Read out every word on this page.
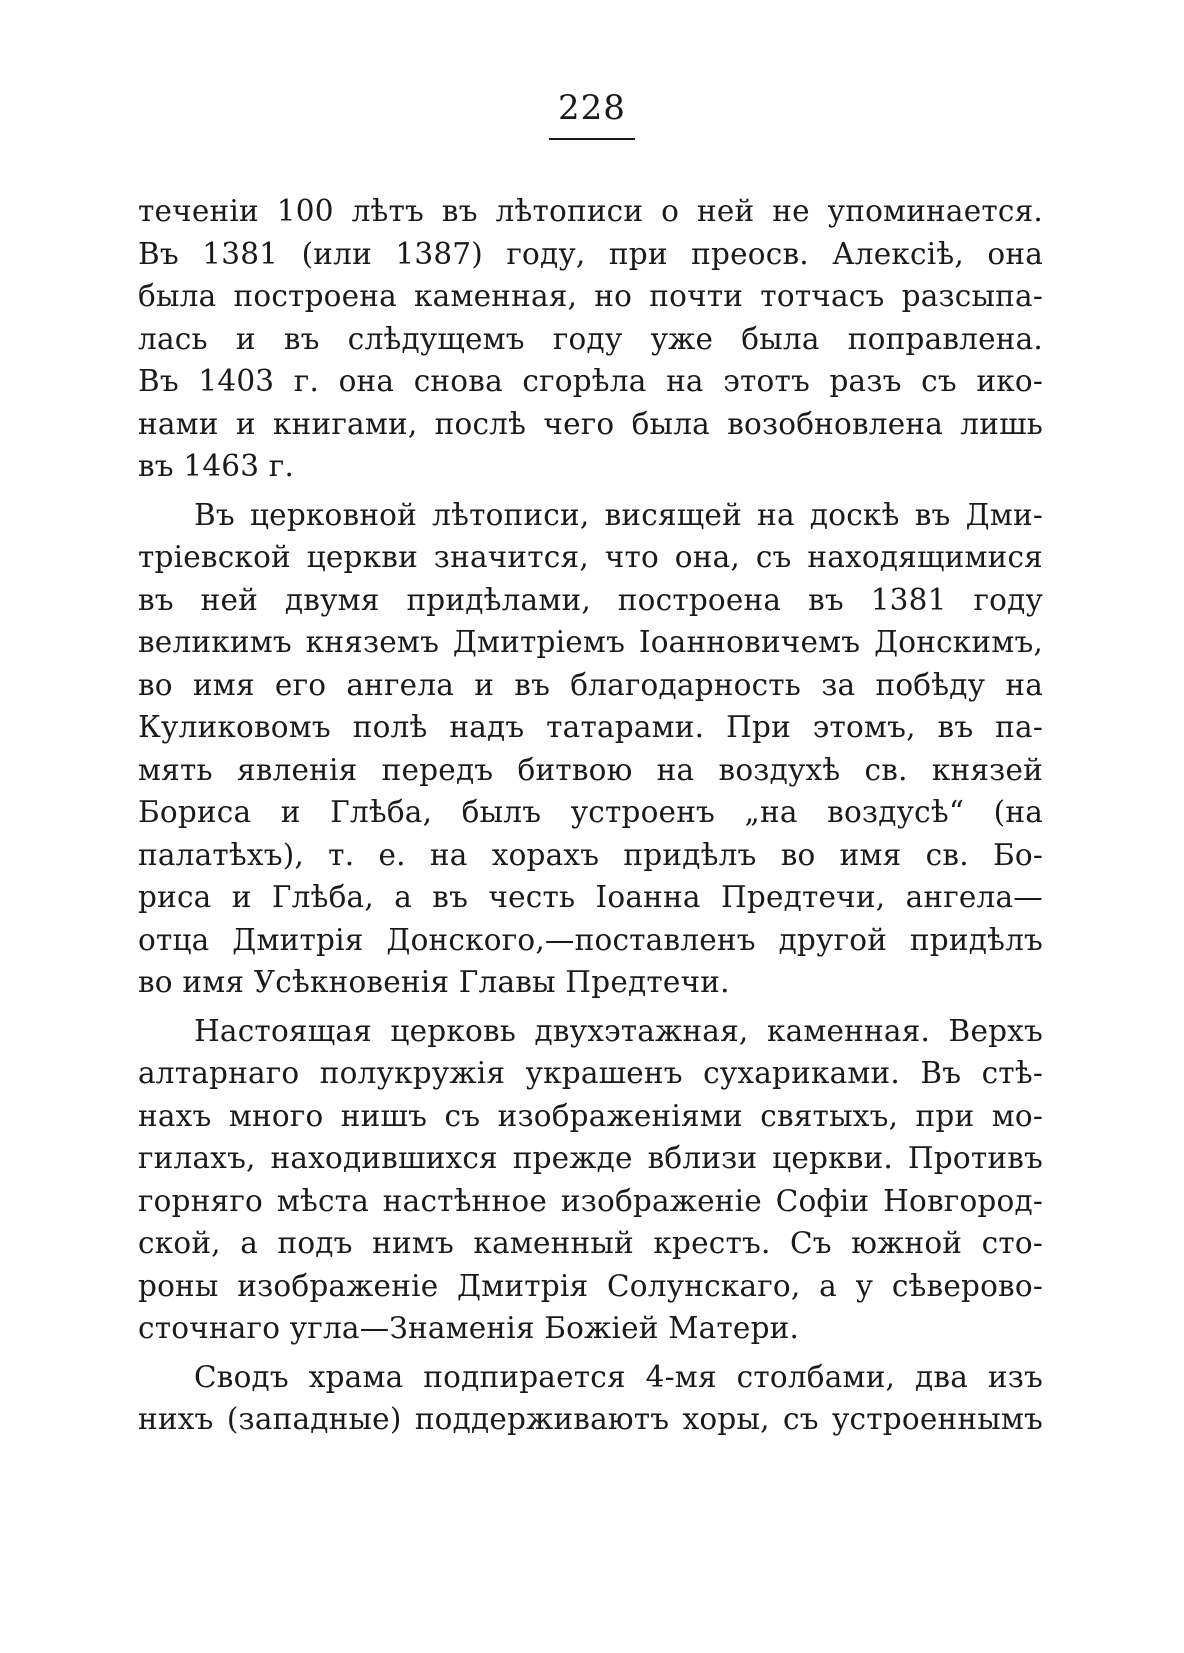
228

теченіи 100 лѣтъ въ лѣтописи о ней не упоминается.
Въ 1381 (или 1387) году, при преосв. Алексіѣ, она
была построена каменная, но почти тотчасъ разсыпа-
лась и въ слѣдущемъ году уже была поправлена.
Въ 1403 г. она снова сгорѣла на этотъ разъ съ ико-
нами и книгами, послѣ чего была возобновлена лишь
въ 1463 г.

Въ церковной лѣтописи, висящей на доскѣ въ Дми-
тріевской церкви значится, что она, съ находящимися
въ ней двумя придѣлами, построена въ 1381 году
великимъ княземъ Дмитріемъ Іоанновичемъ Донскимъ,
во имя его ангела и въ благодарность за побѣду на
Куликовомъ полѣ надъ татарами. При этомъ, въ па-
мять явленія передъ битвою на воздухѣ св. князей
Бориса и Глѣба, былъ устроенъ „на воздусѣ“ (на
палатѣхъ), т. е. на хорахъ придѣлъ во имя св. Бо-
риса и Глѣба, а въ честь Іоанна Предтечи, ангела—
отца Дмитрія Донского,—поставленъ другой придѣлъ
во имя Усѣкновенія Главы Предтечи.

Настоящая церковь двухэтажная, каменная. Верхъ
алтарнаго полукружія украшенъ сухариками. Въ стѣ-
нахъ много нишъ съ изображеніями святыхъ, при мо-
гилахъ, находившихся прежде вблизи церкви. Противъ
горняго мѣста настѣнное изображеніе Софіи Новгород-
ской, а подъ нимъ каменный крестъ. Съ южной сто-
роны изображеніе Дмитрія Солунскаго, а у сѣверово-
сточнаго угла—Знаменія Божіей Матери.

Сводъ храма подпирается 4-мя столбами, два изъ
нихъ (западные) поддерживаютъ хоры, съ устроеннымъ
